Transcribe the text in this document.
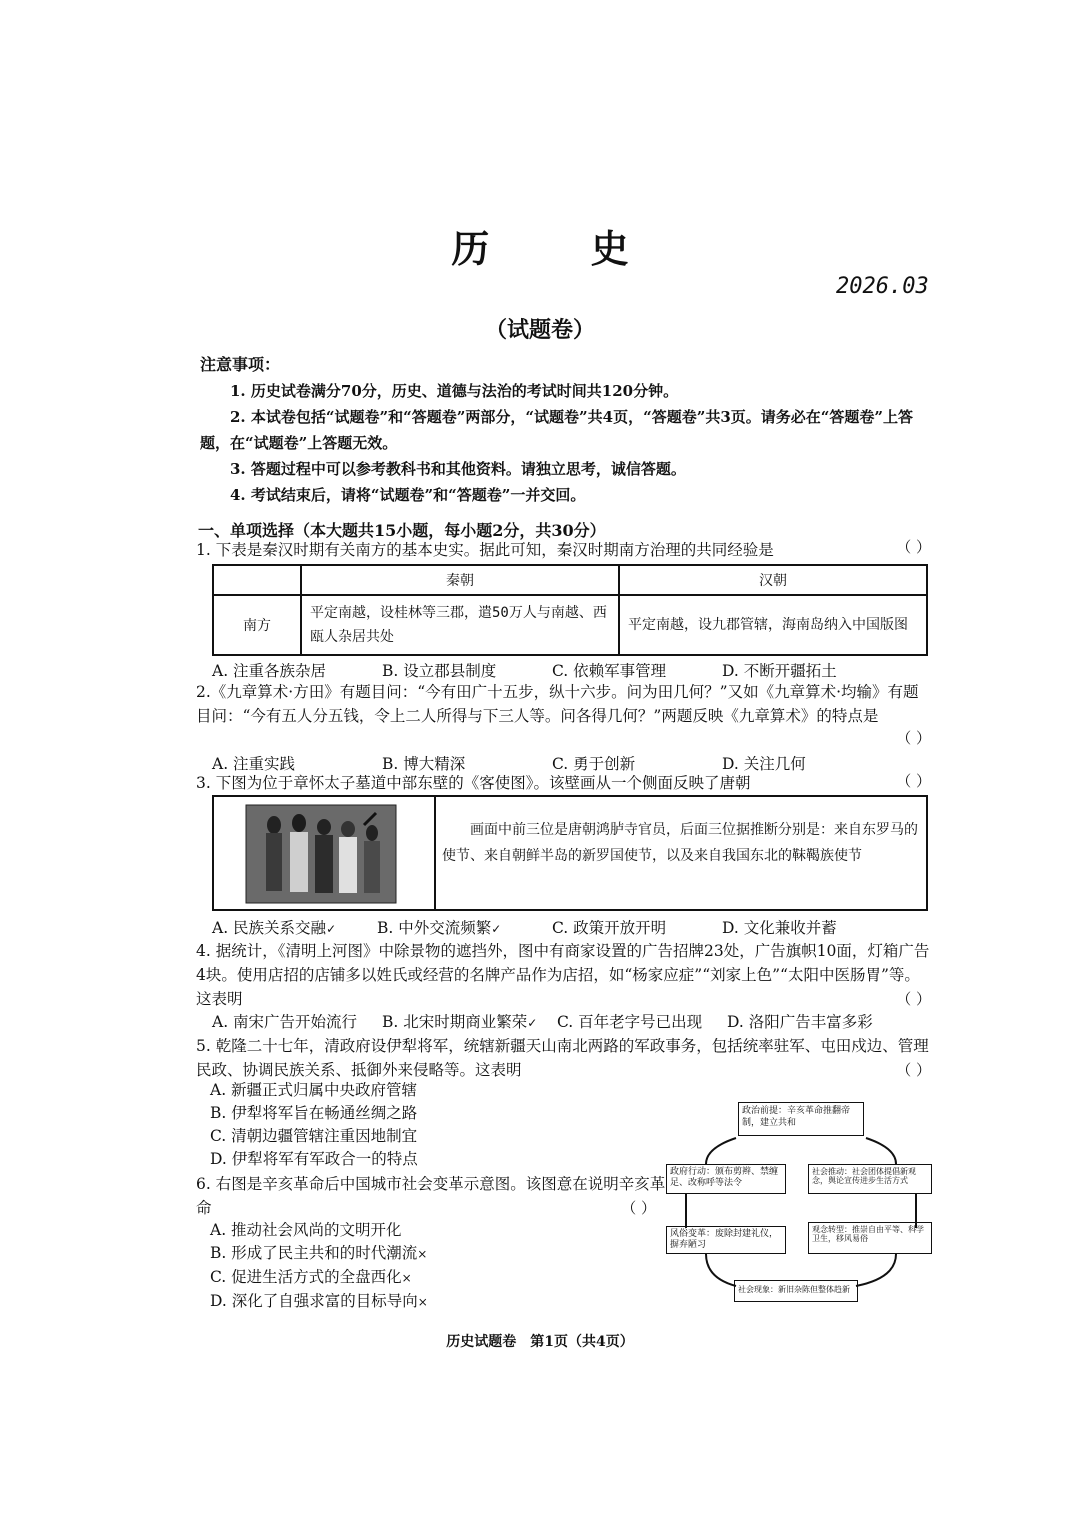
历 史
2026.03
（试题卷）
注意事项：
1. 历史试卷满分70分，历史、道德与法治的考试时间共120分钟。
2. 本试卷包括“试题卷”和“答题卷”两部分，“试题卷”共4页，“答题卷”共3页。请务必在“答题卷”上答题，在“试题卷”上答题无效。
3. 答题过程中可以参考教科书和其他资料。请独立思考，诚信答题。
4. 考试结束后，请将“试题卷”和“答题卷”一并交回。
一、单项选择（本大题共15小题，每小题2分，共30分）
1. 下表是秦汉时期有关南方的基本史实。据此可知，秦汉时期南方治理的共同经验是	（ ）
	秦朝	汉朝
南方	平定南越，设桂林等三郡，遣50万人与南越、西瓯人杂居共处	平定南越，设九郡管辖，海南岛纳入中国版图
A. 注重各族杂居	B. 设立郡县制度	C. 依赖军事管理	D. 不断开疆拓土
2.《九章算术·方田》有题目问：“今有田广十五步，纵十六步。问为田几何？”又如《九章算术·均输》有题目问：“今有五人分五钱，令上二人所得与下三人等。问各得几何？”两题反映《九章算术》的特点是
（ ）
A. 注重实践	B. 博大精深	C. 勇于创新	D. 关注几何
3. 下图为位于章怀太子墓道中部东壁的《客使图》。该壁画从一个侧面反映了唐朝	（ ）
画面中前三位是唐朝鸿胪寺官员，后面三位据推断分别是：来自东罗马的使节、来自朝鲜半岛的新罗国使节，以及来自我国东北的靺鞨族使节
A. 民族关系交融✓	B. 中外交流频繁✓	C. 政策开放开明	D. 文化兼收并蓄
4. 据统计，《清明上河图》中除景物的遮挡外，图中有商家设置的广告招牌23处，广告旗帜10面，灯箱广告4块。使用店招的店铺多以姓氏或经营的名牌产品作为店招，如“杨家应症”“刘家上色”“太阳中医肠胃”等。这表明	（ ）
A. 南宋广告开始流行	B. 北宋时期商业繁荣✓	C. 百年老字号已出现	D. 洛阳广告丰富多彩
5. 乾隆二十七年，清政府设伊犁将军，统辖新疆天山南北两路的军政事务，包括统率驻军、屯田戍边、管理民政、协调民族关系、抵御外来侵略等。这表明	（ ）
A. 新疆正式归属中央政府管辖
B. 伊犁将军旨在畅通丝绸之路
C. 清朝边疆管辖注重因地制宜
D. 伊犁将军有军政合一的特点
6. 右图是辛亥革命后中国城市社会变革示意图。该图意在说明辛亥革命	（ ）
A. 推动社会风尚的文明开化
B. 形成了民主共和的时代潮流×
C. 促进生活方式的全盘西化×
D. 深化了自强求富的目标导向×
政治前提：辛亥革命推翻帝制，建立共和
政府行动：颁布剪辫、禁缠足、改称呼等法令
社会推动：社会团体提倡新观念，舆论宣传进步生活方式
风俗变革：废除封建礼仪，摒弃陋习
观念转型：推崇自由平等、科学卫生，移风易俗
社会现象：新旧杂陈但整体趋新
历史试题卷　第1页（共4页）
